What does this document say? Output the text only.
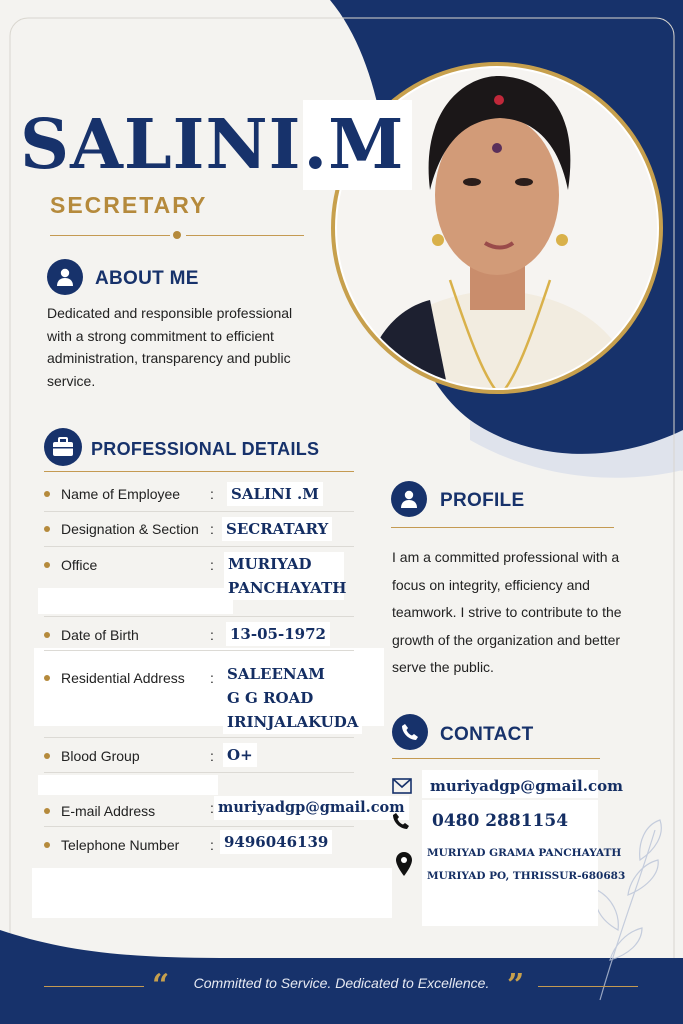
SALINI.M
SECRETARY
ABOUT ME
Dedicated and responsible professional with a strong commitment to efficient administration, transparency and public service.
PROFESSIONAL DETAILS
Name of Employee : SALINI .M
Designation & Section : SECRATARY
Office	: MURIYAD
PANCHAYATH
Date of Birth	: 13-05-1972
Residential Address : SALEENAM
G G ROAD
IRINJALAKUDA
Blood Group	: O+
E-mail Address	: muriyadgp@gmail.com
Telephone Number : 9496046139
PROFILE
I am a committed professional with a focus on integrity, efficiency and teamwork. I strive to contribute to the growth of the organization and better serve the public.
CONTACT
muriyadgp@gmail.com
0480 2881154
MURIYAD GRAMA PANCHAYATH
MURIYAD PO, THRISSUR-680683
“	Committed to Service. Dedicated to Excellence. ”
